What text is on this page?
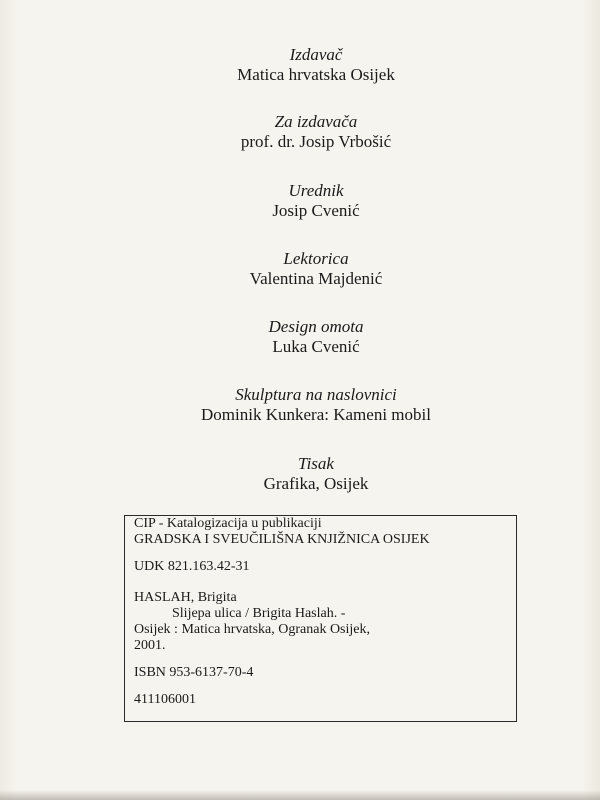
Izdavač
Matica hrvatska Osijek
Za izdavača
prof. dr. Josip Vrbošić
Urednik
Josip Cvenić
Lektorica
Valentina Majdenić
Design omota
Luka Cvenić
Skulptura na naslovnici
Dominik Kunkera: Kameni mobil
Tisak
Grafika, Osijek
CIP - Katalogizacija u publikaciji
GRADSKA I SVEUČILIŠNA KNJIŽNICA OSIJEK
UDK 821.163.42-31
HASLAH, Brigita
Slijepa ulica / Brigita Haslah. -
Osijek : Matica hrvatska, Ogranak Osijek,
2001.
ISBN 953-6137-70-4
411106001
